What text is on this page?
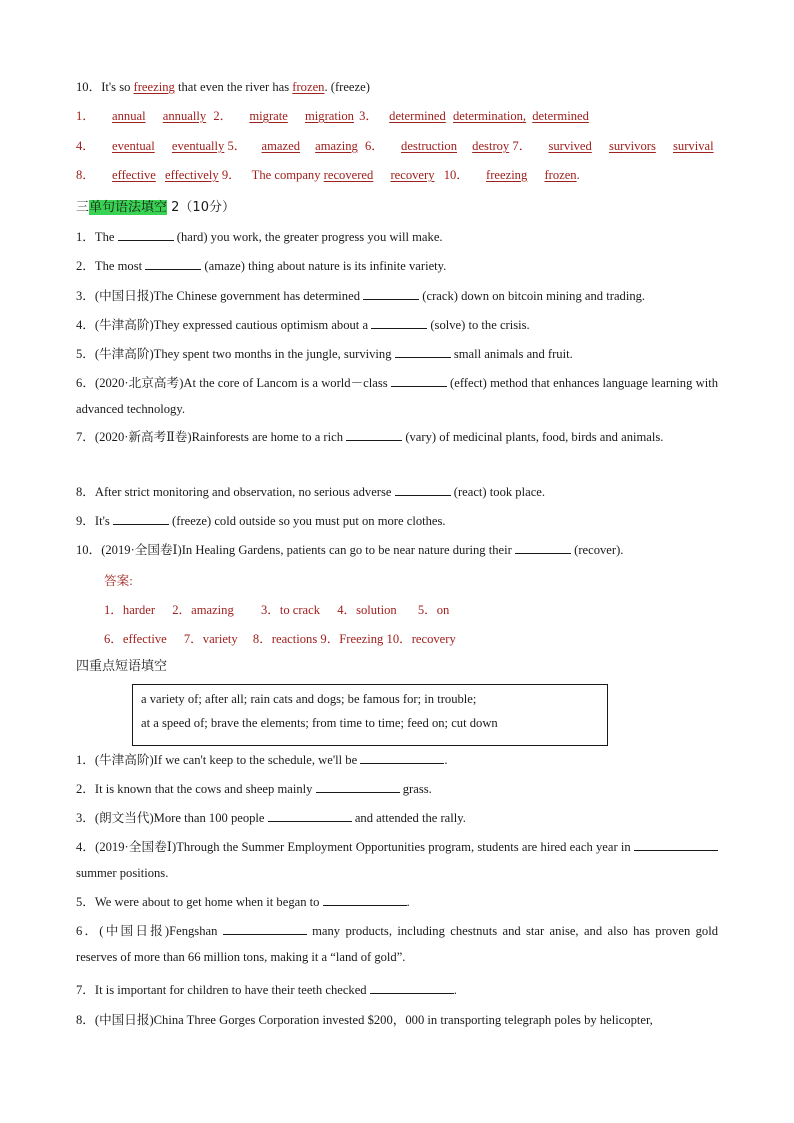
10．It's so freezing that even the river has frozen. (freeze)
1． annual annually 2． migrate migration 3． determined determination, determined
4． eventual eventually 5． amazed amazing 6． destruction destroy 7． survived survivors survival
8． effective effectively 9． The company recovered recovery 10． freezing frozen.
三单句语法填空 2（10分）
1．The	(hard) you work, the greater progress you will make.
2．The most	(amaze) thing about nature is its infinite variety.
3．(中国日报)The Chinese government has determined	(crack) down on bitcoin mining and trading.
4．(牛津高阶)They expressed cautious optimism about a	(solve) to the crisis.
5．(牛津高阶)They spent two months in the jungle, surviving	small animals and fruit.
6．(2020·北京高考)At the core of Lancom is a world－class	(effect) method that enhances language learning with advanced technology.
7．(2020·新高考Ⅱ卷)Rainforests are home to a rich	(vary) of medicinal plants, food, birds and animals.
8．After strict monitoring and observation, no serious adverse	(react) took place.
9．It's	(freeze) cold outside so you must put on more clothes.
10．(2019·全国卷Ⅰ)In Healing Gardens, patients can go to be near nature during their	(recover).
答案:
1．harder 2．amazing 3．to crack 4．solution 5．on
6．effective 7．variety 8．reactions 9．Freezing 10．recovery
四重点短语填空
a variety of; after all; rain cats and dogs; be famous for; in trouble;
at a speed of; brave the elements; from time to time; feed on; cut down
1．(牛津高阶)If we can't keep to the schedule, we'll be	.
2．It is known that the cows and sheep mainly	grass.
3．(朗文当代)More than 100 people	and attended the rally.
4．(2019·全国卷Ⅰ)Through the Summer Employment Opportunities program, students are hired each year in  summer positions.
5．We were about to get home when it began to	.
6．(中国日报)Fengshan	many products, including chestnuts and star anise, and also has proven gold reserves of more than 66 million tons, making it a “land of gold”.
7．It is important for children to have their teeth checked	.
8．(中国日报)China Three Gorges Corporation invested $200，000 in transporting telegraph poles by helicopter,
